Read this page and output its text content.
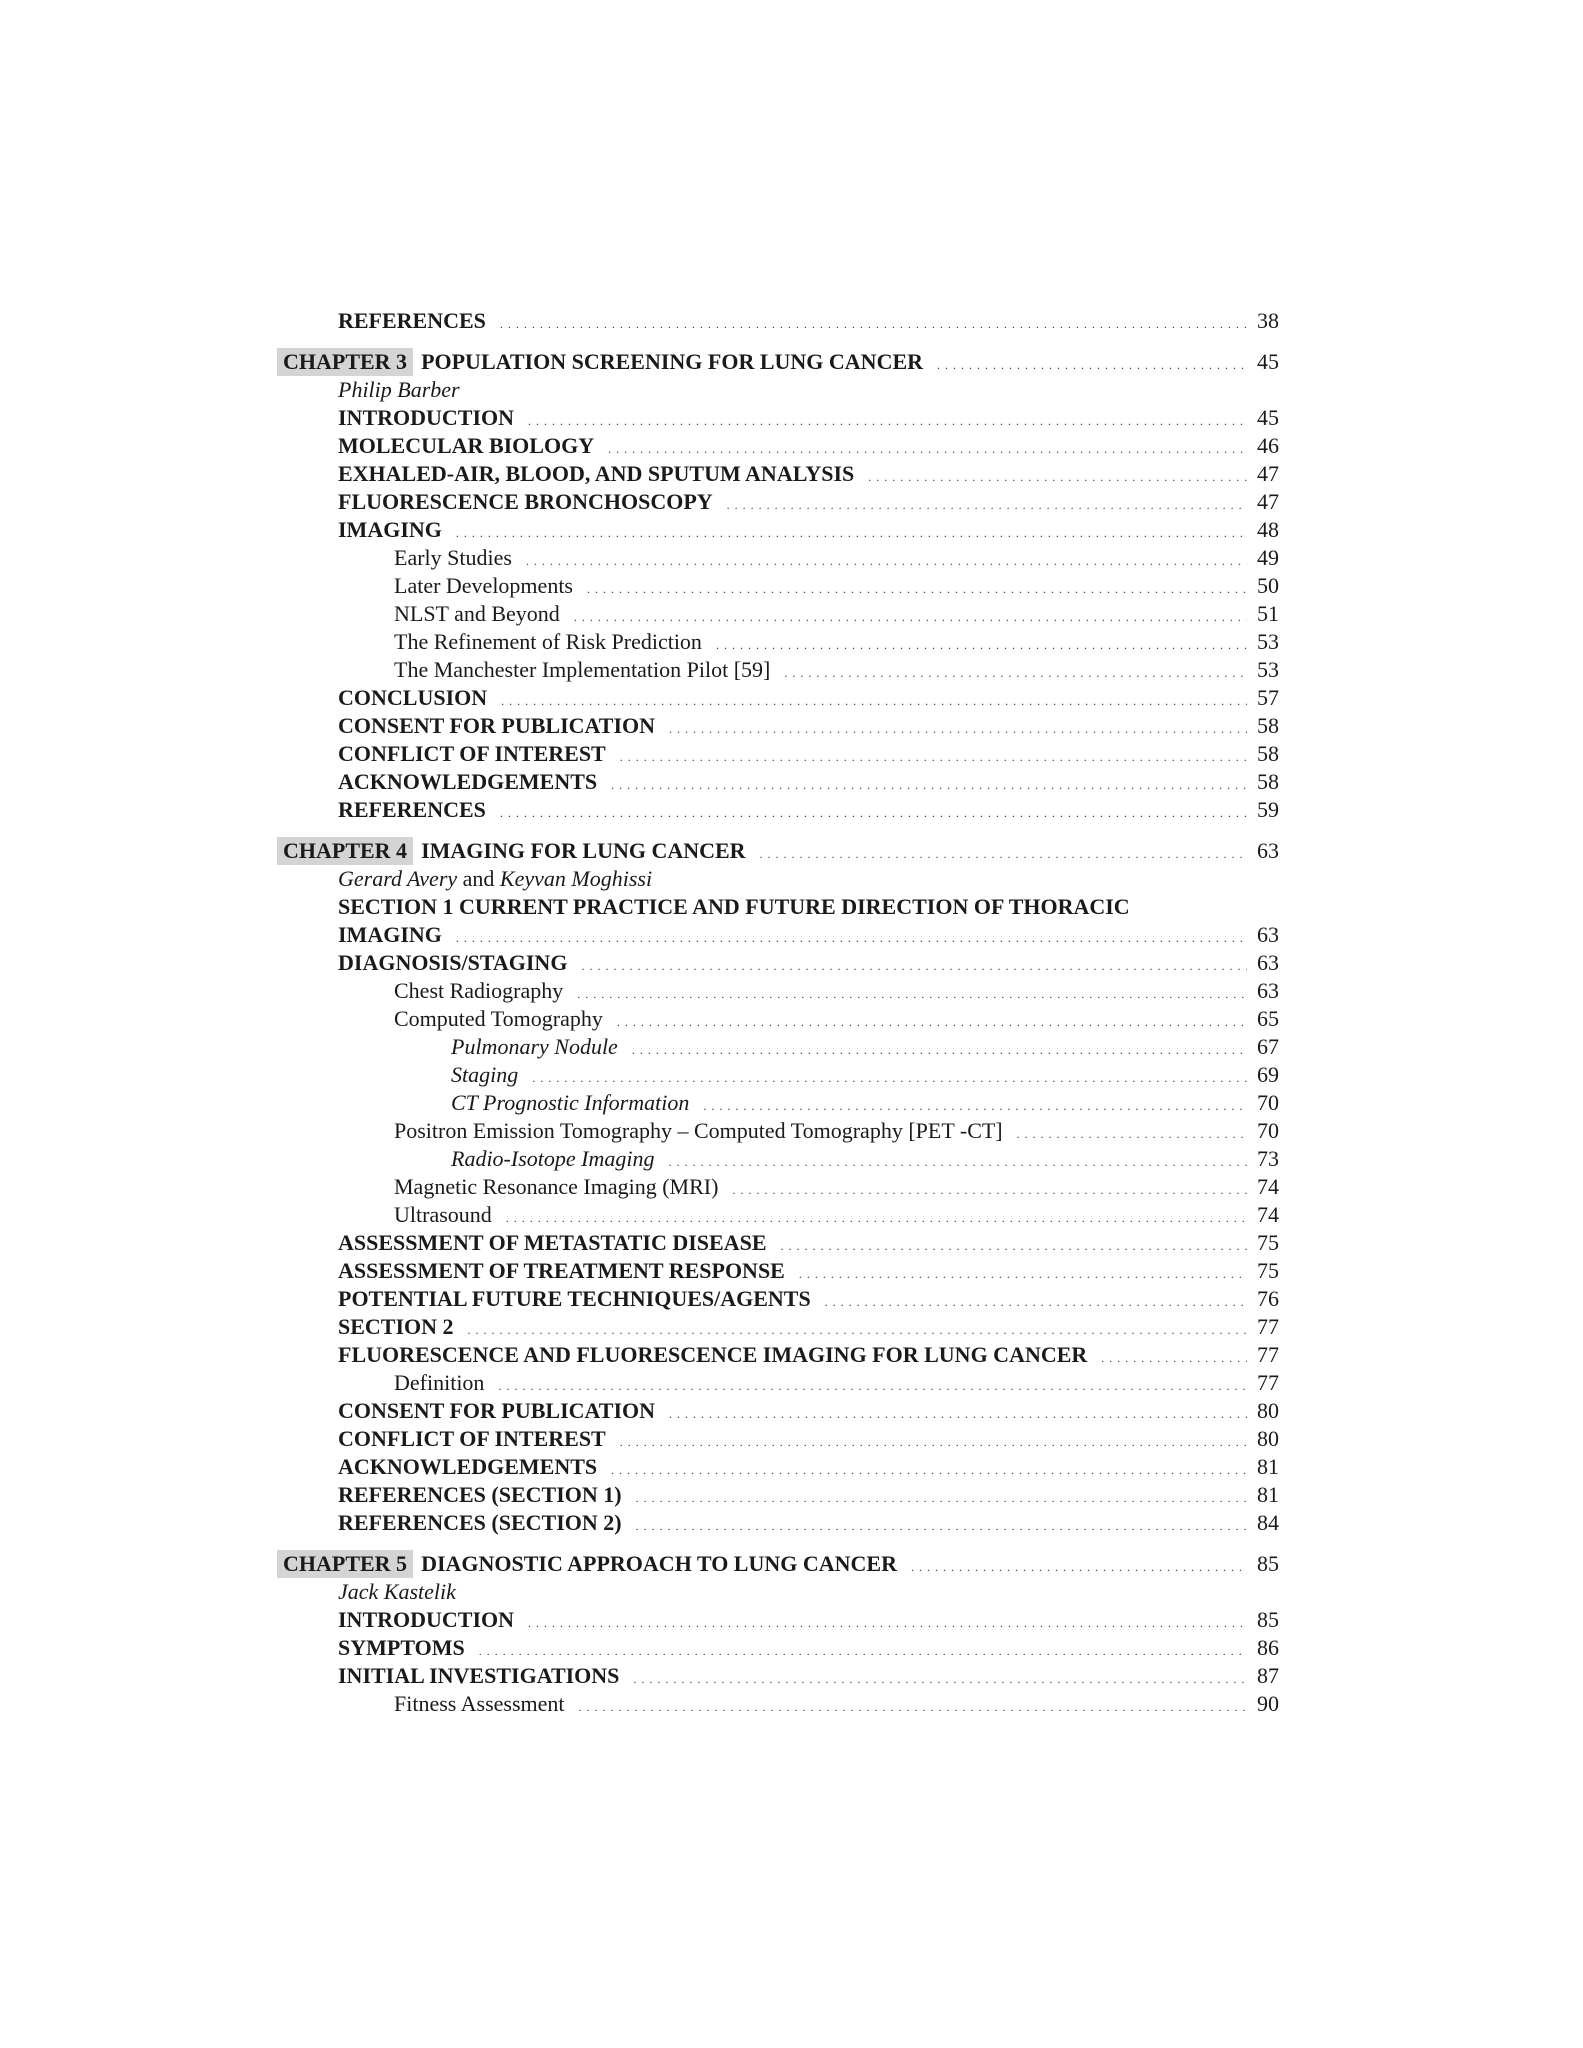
REFERENCES . . .	38
CHAPTER 3 POPULATION SCREENING FOR LUNG CANCER . . .	45
Philip Barber
INTRODUCTION . . .	45
MOLECULAR BIOLOGY . . .	46
EXHALED-AIR, BLOOD, AND SPUTUM ANALYSIS . . .	47
FLUORESCENCE BRONCHOSCOPY . . .	47
IMAGING . . .	48
Early Studies . . .	49
Later Developments . . .	50
NLST and Beyond . . .	51
The Refinement of Risk Prediction . . .	53
The Manchester Implementation Pilot [59] . . .	53
CONCLUSION . . .	57
CONSENT FOR PUBLICATION . . .	58
CONFLICT OF INTEREST . . .	58
ACKNOWLEDGEMENTS . . .	58
REFERENCES . . .	59
CHAPTER 4 IMAGING FOR LUNG CANCER . . .	63
Gerard Avery and Keyvan Moghissi
SECTION 1 CURRENT PRACTICE AND FUTURE DIRECTION OF THORACIC
IMAGING . . .	63
DIAGNOSIS/STAGING . . .	63
Chest Radiography . . .	63
Computed Tomography . . .	65
Pulmonary Nodule . . .	67
Staging . . .	69
CT Prognostic Information . . .	70
Positron Emission Tomography – Computed Tomography [PET -CT] . . .	70
Radio-Isotope Imaging . . .	73
Magnetic Resonance Imaging (MRI) . . .	74
Ultrasound . . .	74
ASSESSMENT OF METASTATIC DISEASE . . .	75
ASSESSMENT OF TREATMENT RESPONSE . . .	75
POTENTIAL FUTURE TECHNIQUES/AGENTS . . .	76
SECTION 2 . . .	77
FLUORESCENCE AND FLUORESCENCE IMAGING FOR LUNG CANCER . . .	77
Definition . . .	77
CONSENT FOR PUBLICATION . . .	80
CONFLICT OF INTEREST . . .	80
ACKNOWLEDGEMENTS . . .	81
REFERENCES (SECTION 1) . . .	81
REFERENCES (SECTION 2) . . .	84
CHAPTER 5 DIAGNOSTIC APPROACH TO LUNG CANCER . . .	85
Jack Kastelik
INTRODUCTION . . .	85
SYMPTOMS . . .	86
INITIAL INVESTIGATIONS . . .	87
Fitness Assessment . . .	90
